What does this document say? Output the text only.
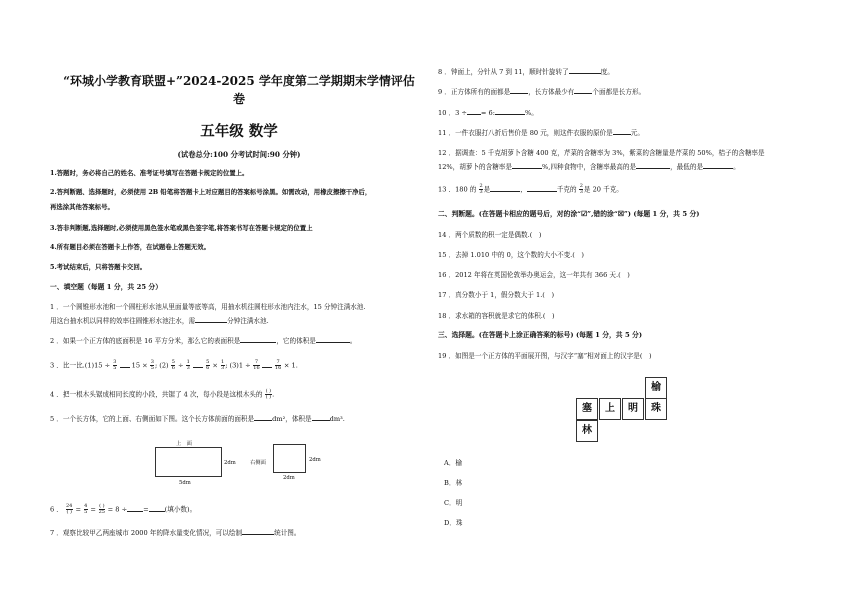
“环城小学教育联盟+”2024-2025 学年度第二学期期末学情评估
卷
五年级 数学
(试卷总分:100 分考试时间:90 分钟)
1.答题时，务必将自己的姓名、准考证号填写在答题卡规定的位置上。
2.答判断题、选择题时，必须使用 2B 铅笔将答题卡上对应题目的答案标号涂黑。如需改动，用橡皮擦擦干净后，
再选涂其他答案标号。
3.答非判断题,选择题时,必须使用黑色签水笔或黑色签字笔,将答案书写在答题卡规定的位置上
4.所有题目必须在答题卡上作答，在试题卷上答题无效。
5.考试结束后，只将答题卡交回。
一、填空题（每题 1 分，共 25 分）
1 ．一个圆锥形水池和一个圆柱形水池从里面量等底等高，用抽水机往圆柱形水池内注水，15 分钟注满水池.
用这台抽水机以同样的效率往圆锥形水池注水，需	分钟注满水池.
2 ．如果一个正方体的底面积是 16 平方分米，那么它的表面积是	，它的体积是	。
3 ．比一比$.(1)15 \div \frac{3}{5} 15 \times \frac{3}{5}$ ; $(2) \frac{5}{6} \div \frac{1}{3}$
	$\frac{5}{6} \times \frac{1}{3}$ ; $(3)1 \div \frac{7}{16}$
	$\frac{7}{16} \times 1$.
4 ．把一根木头锯成相同长度的小段，共锯了 4 次，每小段是这根木头的 $\frac{( )}{( )}$ .
5 ．一个长方体，它的上面、右侧面如下图。这个长方体前面的面积是	dm²，体积是	dm³.
上　面
2dm
5dm
右侧面	2dm
2dm
6 ． $\frac{24}{( )} = \frac{4}{5} = \frac{( )}{25} = 8$ ÷ = (填小数)。
7 ．观察比较甲乙两座城市 2000 年的降水量变化情况，可以绘制	统计图。
8 ．钟面上，分针从 7 到 11，顺时针旋转了	度。
9 ．正方体所有的面都是	，长方体最少有	个面都是长方形。
10 ．3 ÷ = 6:	%。
11 ．一件衣服打八折后售价是 80 元，则这件衣服的原价是	元。
12 ．据调查：5 千克胡萝卜含糖 400 克，芹菜的含糖率为 3%，紫菜的含糖量是芹菜的 50%，桔子的含糖率是
12%，胡萝卜的含糖率是	%,四种食物中，含糖率最高的是	，最低的是	。
13 ．180 的 $\frac{2}{3}$ 是	，	千克的 $\frac{2}{3}$ 是 20 千克。
二、判断题。(在答题卡相应的题号后，对的涂“☑”,错的涂“☒”) (每题 1 分，共 5 分)
14 ．两个质数的积一定是偶数.(　)
15 ．去掉 1.010 中的 0，这个数的大小不变.(　)
16 ．2012 年将在英国伦敦举办奥运会，这一年共有 366 天.(　)
17 ．真分数小于 1，假分数大于 1.(　)
18 ．求水箱的容积就是求它的体积.(　)
三、选择题。(在答题卡上涂正确答案的标号) (每题 1 分，共 5 分)
19 ．如图是一个正方体的平面展开图，与汉字“塞”相对面上的汉字是(　)
榆
塞	上	明	珠
林
A．榆
B．林
C．明
D．珠
